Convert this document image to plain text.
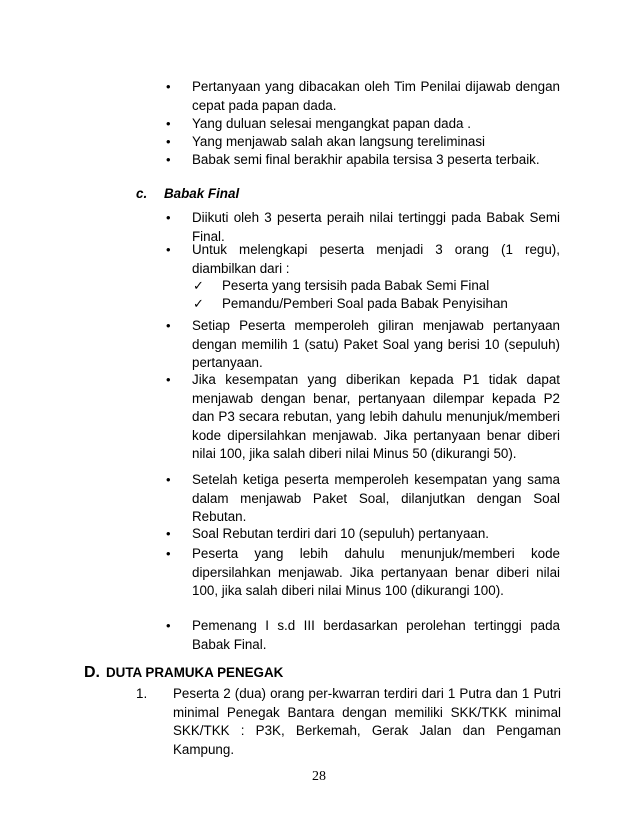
• Pertanyaan yang dibacakan oleh Tim Penilai dijawab dengan cepat pada papan dada.
• Yang duluan selesai mengangkat papan dada .
• Yang menjawab salah akan langsung tereliminasi
• Babak semi final berakhir apabila tersisa 3 peserta terbaik.
c. Babak Final
• Diikuti oleh 3 peserta peraih nilai tertinggi pada Babak Semi Final.
• Untuk melengkapi peserta menjadi 3 orang (1 regu), diambilkan dari :
✓ Peserta yang tersisih pada Babak Semi Final
✓ Pemandu/Pemberi Soal pada Babak Penyisihan
• Setiap Peserta memperoleh giliran menjawab pertanyaan dengan memilih 1 (satu) Paket Soal yang berisi 10 (sepuluh) pertanyaan.
• Jika kesempatan yang diberikan kepada P1 tidak dapat menjawab dengan benar, pertanyaan dilempar kepada P2 dan P3 secara rebutan, yang lebih dahulu menunjuk/memberi kode dipersilahkan menjawab. Jika pertanyaan benar diberi nilai 100, jika salah diberi nilai Minus 50 (dikurangi 50).
• Setelah ketiga peserta memperoleh kesempatan yang sama dalam menjawab Paket Soal, dilanjutkan dengan Soal Rebutan.
• Soal Rebutan terdiri dari 10 (sepuluh) pertanyaan.
• Peserta yang lebih dahulu menunjuk/memberi kode dipersilahkan menjawab. Jika pertanyaan benar diberi nilai 100, jika salah diberi nilai Minus 100 (dikurangi 100).
• Pemenang I s.d III berdasarkan perolehan tertinggi pada Babak Final.
D. DUTA PRAMUKA PENEGAK
1. Peserta 2 (dua) orang per-kwarran terdiri dari 1 Putra dan 1 Putri minimal Penegak Bantara dengan memiliki SKK/TKK minimal SKK/TKK : P3K, Berkemah, Gerak Jalan dan Pengaman Kampung.
28
